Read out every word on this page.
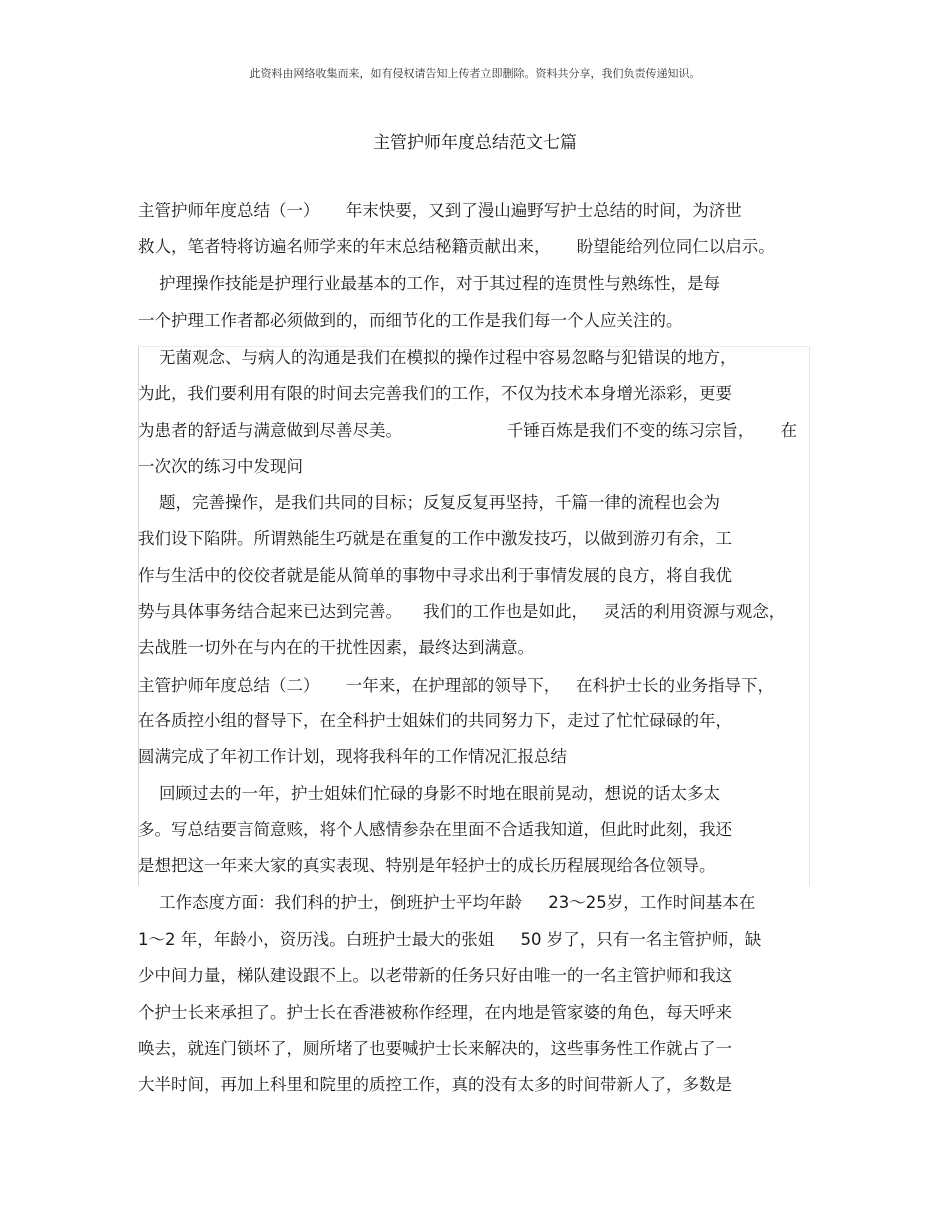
此资料由网络收集而来，如有侵权请告知上传者立即删除。资料共分享，我们负责传递知识。
主管护师年度总结范文七篇
主管护师年度总结（一）     年末快要，又到了漫山遍野写护士总结的时间，为济世
救人，笔者特将访遍名师学来的年末总结秘籍贡献出来，     盼望能给列位同仁以启示。
护理操作技能是护理行业最基本的工作，对于其过程的连贯性与熟练性，是每
一个护理工作者都必须做到的，而细节化的工作是我们每一个人应关注的。
无菌观念、与病人的沟通是我们在模拟的操作过程中容易忽略与犯错误的地方，
为此，我们要利用有限的时间去完善我们的工作，不仅为技术本身增光添彩，更要
为患者的舒适与满意做到尽善尽美。                    千锤百炼是我们不变的练习宗旨，     在
一次次的练习中发现问
题，完善操作，是我们共同的目标；反复反复再坚持，千篇一律的流程也会为
我们设下陷阱。所谓熟能生巧就是在重复的工作中激发技巧，以做到游刃有余，工
作与生活中的佼佼者就是能从简单的事物中寻求出利于事情发展的良方，将自我优
势与具体事务结合起来已达到完善。    我们的工作也是如此，   灵活的利用资源与观念，
去战胜一切外在与内在的干扰性因素，最终达到满意。
主管护师年度总结（二）     一年来，在护理部的领导下，   在科护士长的业务指导下，
在各质控小组的督导下，在全科护士姐妹们的共同努力下，走过了忙忙碌碌的年，
圆满完成了年初工作计划，现将我科年的工作情况汇报总结
回顾过去的一年，护士姐妹们忙碌的身影不时地在眼前晃动，想说的话太多太
多。写总结要言简意赅，将个人感情参杂在里面不合适我知道，但此时此刻，我还
是想把这一年来大家的真实表现、特别是年轻护士的成长历程展现给各位领导。
工作态度方面：我们科的护士，倒班护士平均年龄     23～25岁，工作时间基本在
1～2 年，年龄小，资历浅。白班护士最大的张姐     50 岁了，只有一名主管护师，缺
少中间力量，梯队建设跟不上。以老带新的任务只好由唯一的一名主管护师和我这
个护士长来承担了。护士长在香港被称作经理，在内地是管家婆的角色，每天呼来
唤去，就连门锁坏了，厕所堵了也要喊护士长来解决的，这些事务性工作就占了一
大半时间，再加上科里和院里的质控工作，真的没有太多的时间带新人了，多数是
